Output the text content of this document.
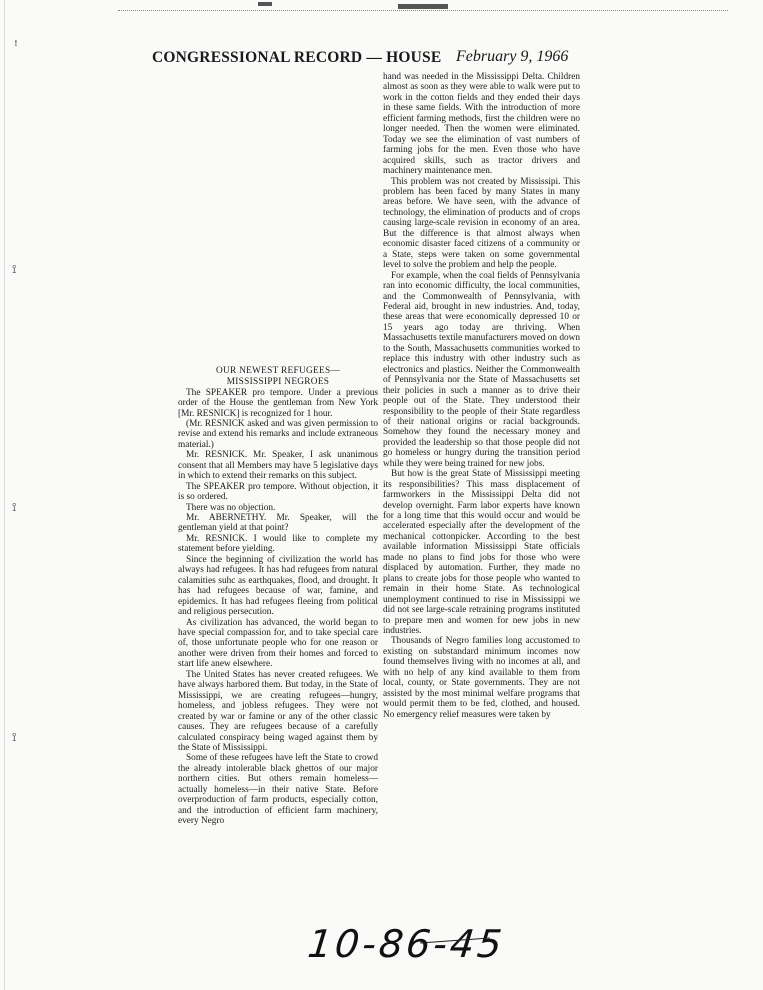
ꜝ
⟟
⟟
⟟
CONGRESSIONAL RECORD — HOUSE February 9, 1966

OUR NEWEST REFUGEES—
MISSISSIPPI NEGROES

The SPEAKER pro tempore. Under a previous order of the House the gentleman from New York [Mr. RESNICK] is recognized for 1 hour.

(Mr. RESNICK asked and was given permission to revise and extend his remarks and include extraneous material.)

Mr. RESNICK. Mr. Speaker, I ask unanimous consent that all Members may have 5 legislative days in which to extend their remarks on this subject.

The SPEAKER pro tempore. Without objection, it is so ordered.

There was no objection.

Mr. ABERNETHY. Mr. Speaker, will the gentleman yield at that point?

Mr. RESNICK. I would like to complete my statement before yielding.

Since the beginning of civilization the world has always had refugees. It has had refugees from natural calamities suhc as earthquakes, flood, and drought. It has had refugees because of war, famine, and epidemics. It has had refugees fleeing from political and religious persecution.

As civilization has advanced, the world began to have special compassion for, and to take special care of, those unfortunate people who for one reason or another were driven from their homes and forced to start life anew elsewhere.

The United States has never created refugees. We have always harbored them. But today, in the State of Mississippi, we are creating refugees—hungry, homeless, and jobless refugees. They were not created by war or famine or any of the other classic causes. They are refugees because of a carefully calculated conspiracy being waged against them by the State of Mississippi.

Some of these refugees have left the State to crowd the already intolerable black ghettos of our major northern cities. But others remain homeless—actually homeless—in their native State. Before overproduction of farm products, especially cotton, and the introduction of efficient farm machinery, every Negro

hand was needed in the Mississippi Delta. Children almost as soon as they were able to walk were put to work in the cotton fields and they ended their days in these same fields. With the introduction of more efficient farming methods, first the children were no longer needed. Then the women were eliminated. Today we see the elimination of vast numbers of farming jobs for the men. Even those who have acquired skills, such as tractor drivers and machinery maintenance men.

This problem was not created by Mississipi. This problem has been faced by many States in many areas before. We have seen, with the advance of technology, the elimination of products and of crops causing large-scale revision in economy of an area. But the difference is that almost always when economic disaster faced citizens of a community or a State, steps were taken on some governmental level to solve the problem and help the people.

For example, when the coal fields of Pennsylvania ran into economic difficulty, the local communities, and the Commonwealth of Pennsylvania, with Federal aid, brought in new industries. And, today, these areas that were economically depressed 10 or 15 years ago today are thriving. When Massachusetts textile manufacturers moved on down to the South, Massachusetts communities worked to replace this industry with other industry such as electronics and plastics. Neither the Commonwealth of Pennsylvania nor the State of Massachusetts set their policies in such a manner as to drive their people out of the State. They understood their responsibility to the people of their State regardless of their national origins or racial backgrounds. Somehow they found the necessary money and provided the leadership so that those people did not go homeless or hungry during the transition period while they were being trained for new jobs.

But how is the great State of Mississippi meeting its responsibilities? This mass displacement of farmworkers in the Mississippi Delta did not develop overnight. Farm labor experts have known for a long time that this would occur and would be accelerated especially after the development of the mechanical cottonpicker. According to the best available information Mississippi State officials made no plans to find jobs for those who were displaced by automation. Further, they made no plans to create jobs for those people who wanted to remain in their home State. As technological unemployment continued to rise in Mississippi we did not see large-scale retraining programs instituted to prepare men and women for new jobs in new industries.

Thousands of Negro families long accustomed to existing on substandard minimum incomes now found themselves living with no incomes at all, and with no help of any kind available to them from local, county, or State governments. They are not assisted by the most minimal welfare programs that would permit them to be fed, clothed, and housed. No emergency relief measures were taken by

10-86-45
